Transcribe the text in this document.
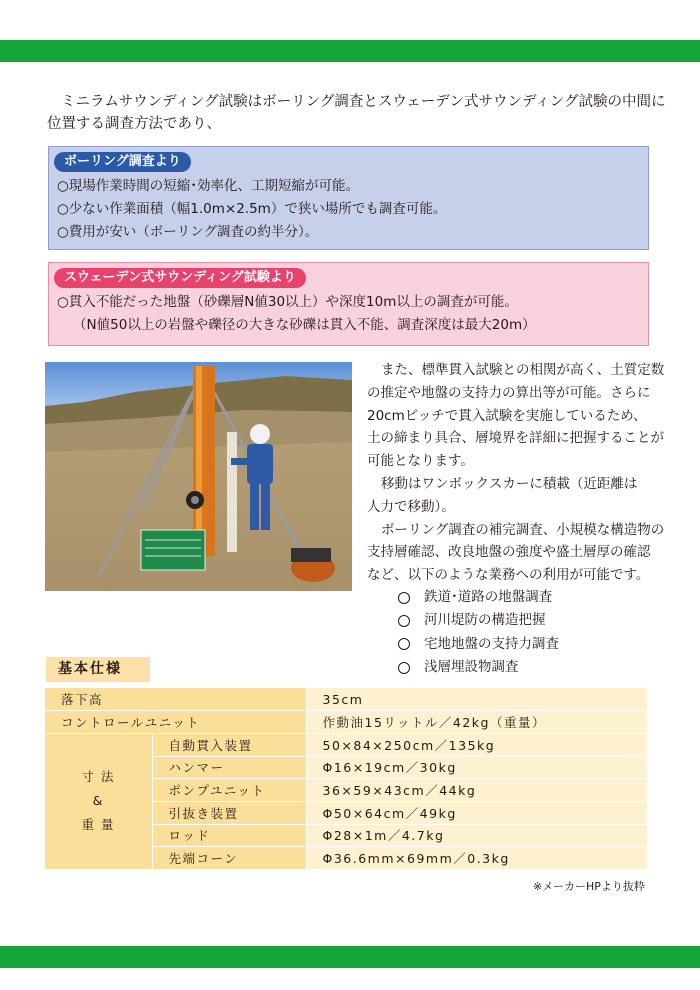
ミニラムサウンディング試験はボーリング調査とスウェーデン式サウンディング試験の中間に
位置する調査方法であり、
ボーリング調査より
○現場作業時間の短縮･効率化、工期短縮が可能。
○少ない作業面積（幅1.0m×2.5m）で狭い場所でも調査可能。
○費用が安い（ボーリング調査の約半分）。
スウェーデン式サウンディング試験より
○貫入不能だった地盤（砂礫層N値30以上）や深度10m以上の調査が可能。
（N値50以上の岩盤や礫径の大きな砂礫は貫入不能、調査深度は最大20m）
また、標準貫入試験との相関が高く、土質定数
の推定や地盤の支持力の算出等が可能。さらに
20cmピッチで貫入試験を実施しているため、
土の締まり具合、層境界を詳細に把握することが
可能となります。
移動はワンボックスカーに積載（近距離は
人力で移動）。
ボーリング調査の補完調査、小規模な構造物の
支持層確認、改良地盤の強度や盛土層厚の確認
など、以下のような業務への利用が可能です。
鉄道･道路の地盤調査
河川堤防の構造把握
宅地地盤の支持力調査
浅層埋設物調査
基本仕様
落下高		35cm
コントロールユニット		作動油15リットル／42kg（重量）

寸 法
&
重 量	自動貫入装置	50×84×250cm／135kg
	ハンマー	Φ16×19cm／30kg
	ポンプユニット	36×59×43cm／44kg
	引抜き装置	Φ50×64cm／49kg
	ロッド	Φ28×1m／4.7kg
	先端コーン	Φ36.6mm×69mm／0.3kg
※メーカーHPより抜粋
